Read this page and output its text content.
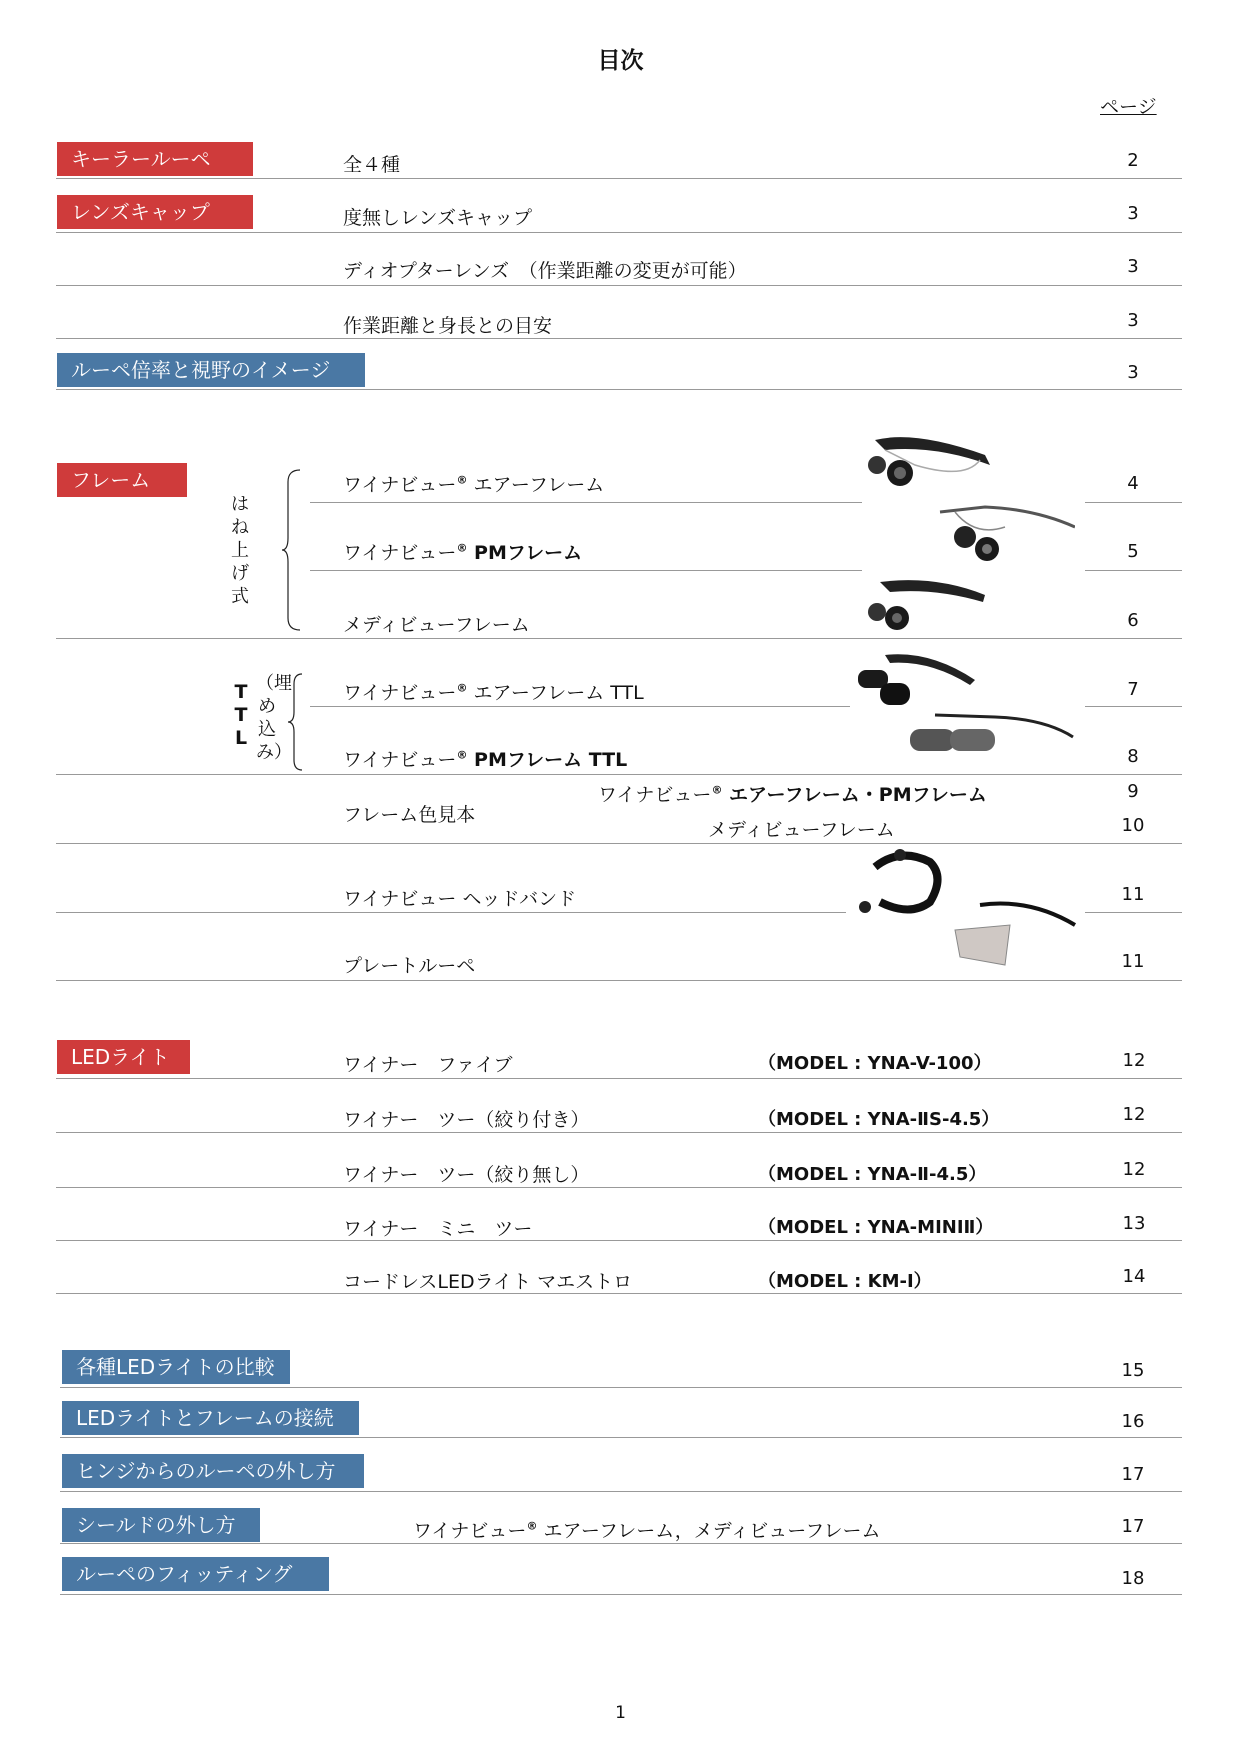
目次
ページ
キーラールーペ	全４種	2
レンズキャップ	度無しレンズキャップ	3
ディオプターレンズ　（作業距離の変更が可能）	3
作業距離と身長との目安	3
ルーペ倍率と視野のイメージ	3
フレーム
はね上げ式
ワイナビュー® エアーフレーム	4
ワイナビュー® PMフレーム	5
メディビューフレーム	6
TTL
（埋め込み）
ワイナビュー® エアーフレーム TTL	7
ワイナビュー® PMフレーム TTL	8
フレーム色見本
ワイナビュー® エアーフレーム・PMフレーム	9
メディビューフレーム	10
ワイナビュー ヘッドバンド	11
プレートルーペ	11
LEDライト	ワイナー　ファイブ	（MODEL : YNA-V-100）	12
ワイナー　ツー（絞り付き）	（MODEL : YNA-ⅡS-4.5）	12
ワイナー　ツー（絞り無し）	（MODEL : YNA-Ⅱ-4.5）	12
ワイナー　ミニ　ツー	（MODEL : YNA-MINIⅡ）	13
コードレスLEDライト マエストロ	（MODEL : KM-I）	14
各種LEDライトの比較	15
LEDライトとフレームの接続	16
ヒンジからのルーペの外し方	17
シールドの外し方	ワイナビュー® エアーフレーム，メディビューフレーム	17
ルーペのフィッティング	18
1
